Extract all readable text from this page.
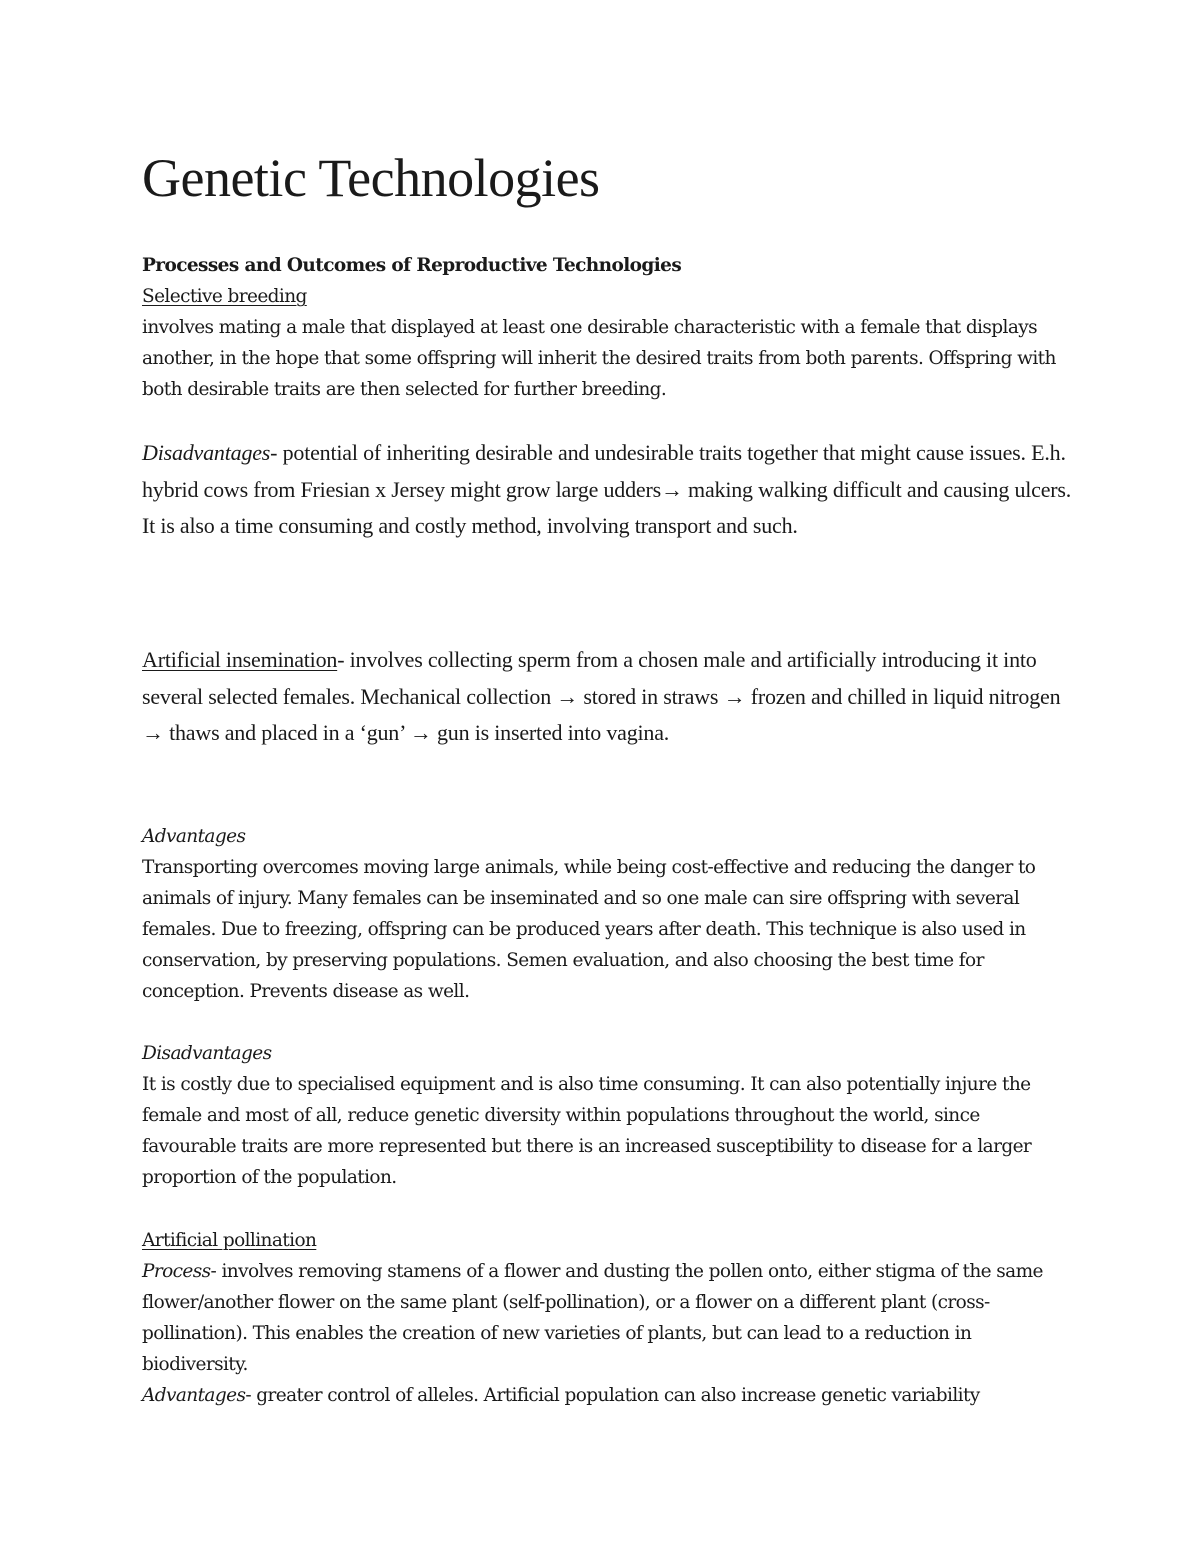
Genetic Technologies
Processes and Outcomes of Reproductive Technologies
Selective breeding
involves mating a male that displayed at least one desirable characteristic with a female that displays another, in the hope that some offspring will inherit the desired traits from both parents. Offspring with both desirable traits are then selected for further breeding.
Disadvantages- potential of inheriting desirable and undesirable traits together that might cause issues. E.h. hybrid cows from Friesian x Jersey might grow large udders→ making walking difficult and causing ulcers. It is also a time consuming and costly method, involving transport and such.
Artificial insemination- involves collecting sperm from a chosen male and artificially introducing it into several selected females. Mechanical collection → stored in straws → frozen and chilled in liquid nitrogen → thaws and placed in a ‘gun’ → gun is inserted into vagina.
Advantages
Transporting overcomes moving large animals, while being cost-effective and reducing the danger to animals of injury. Many females can be inseminated and so one male can sire offspring with several females. Due to freezing, offspring can be produced years after death. This technique is also used in conservation, by preserving populations. Semen evaluation, and also choosing the best time for conception. Prevents disease as well.
Disadvantages
It is costly due to specialised equipment and is also time consuming. It can also potentially injure the female and most of all, reduce genetic diversity within populations throughout the world, since favourable traits are more represented but there is an increased susceptibility to disease for a larger proportion of the population.
Artificial pollination
Process- involves removing stamens of a flower and dusting the pollen onto, either stigma of the same flower/another flower on the same plant (self-pollination), or a flower on a different plant (cross-pollination). This enables the creation of new varieties of plants, but can lead to a reduction in biodiversity.
Advantages- greater control of alleles. Artificial population can also increase genetic variability
